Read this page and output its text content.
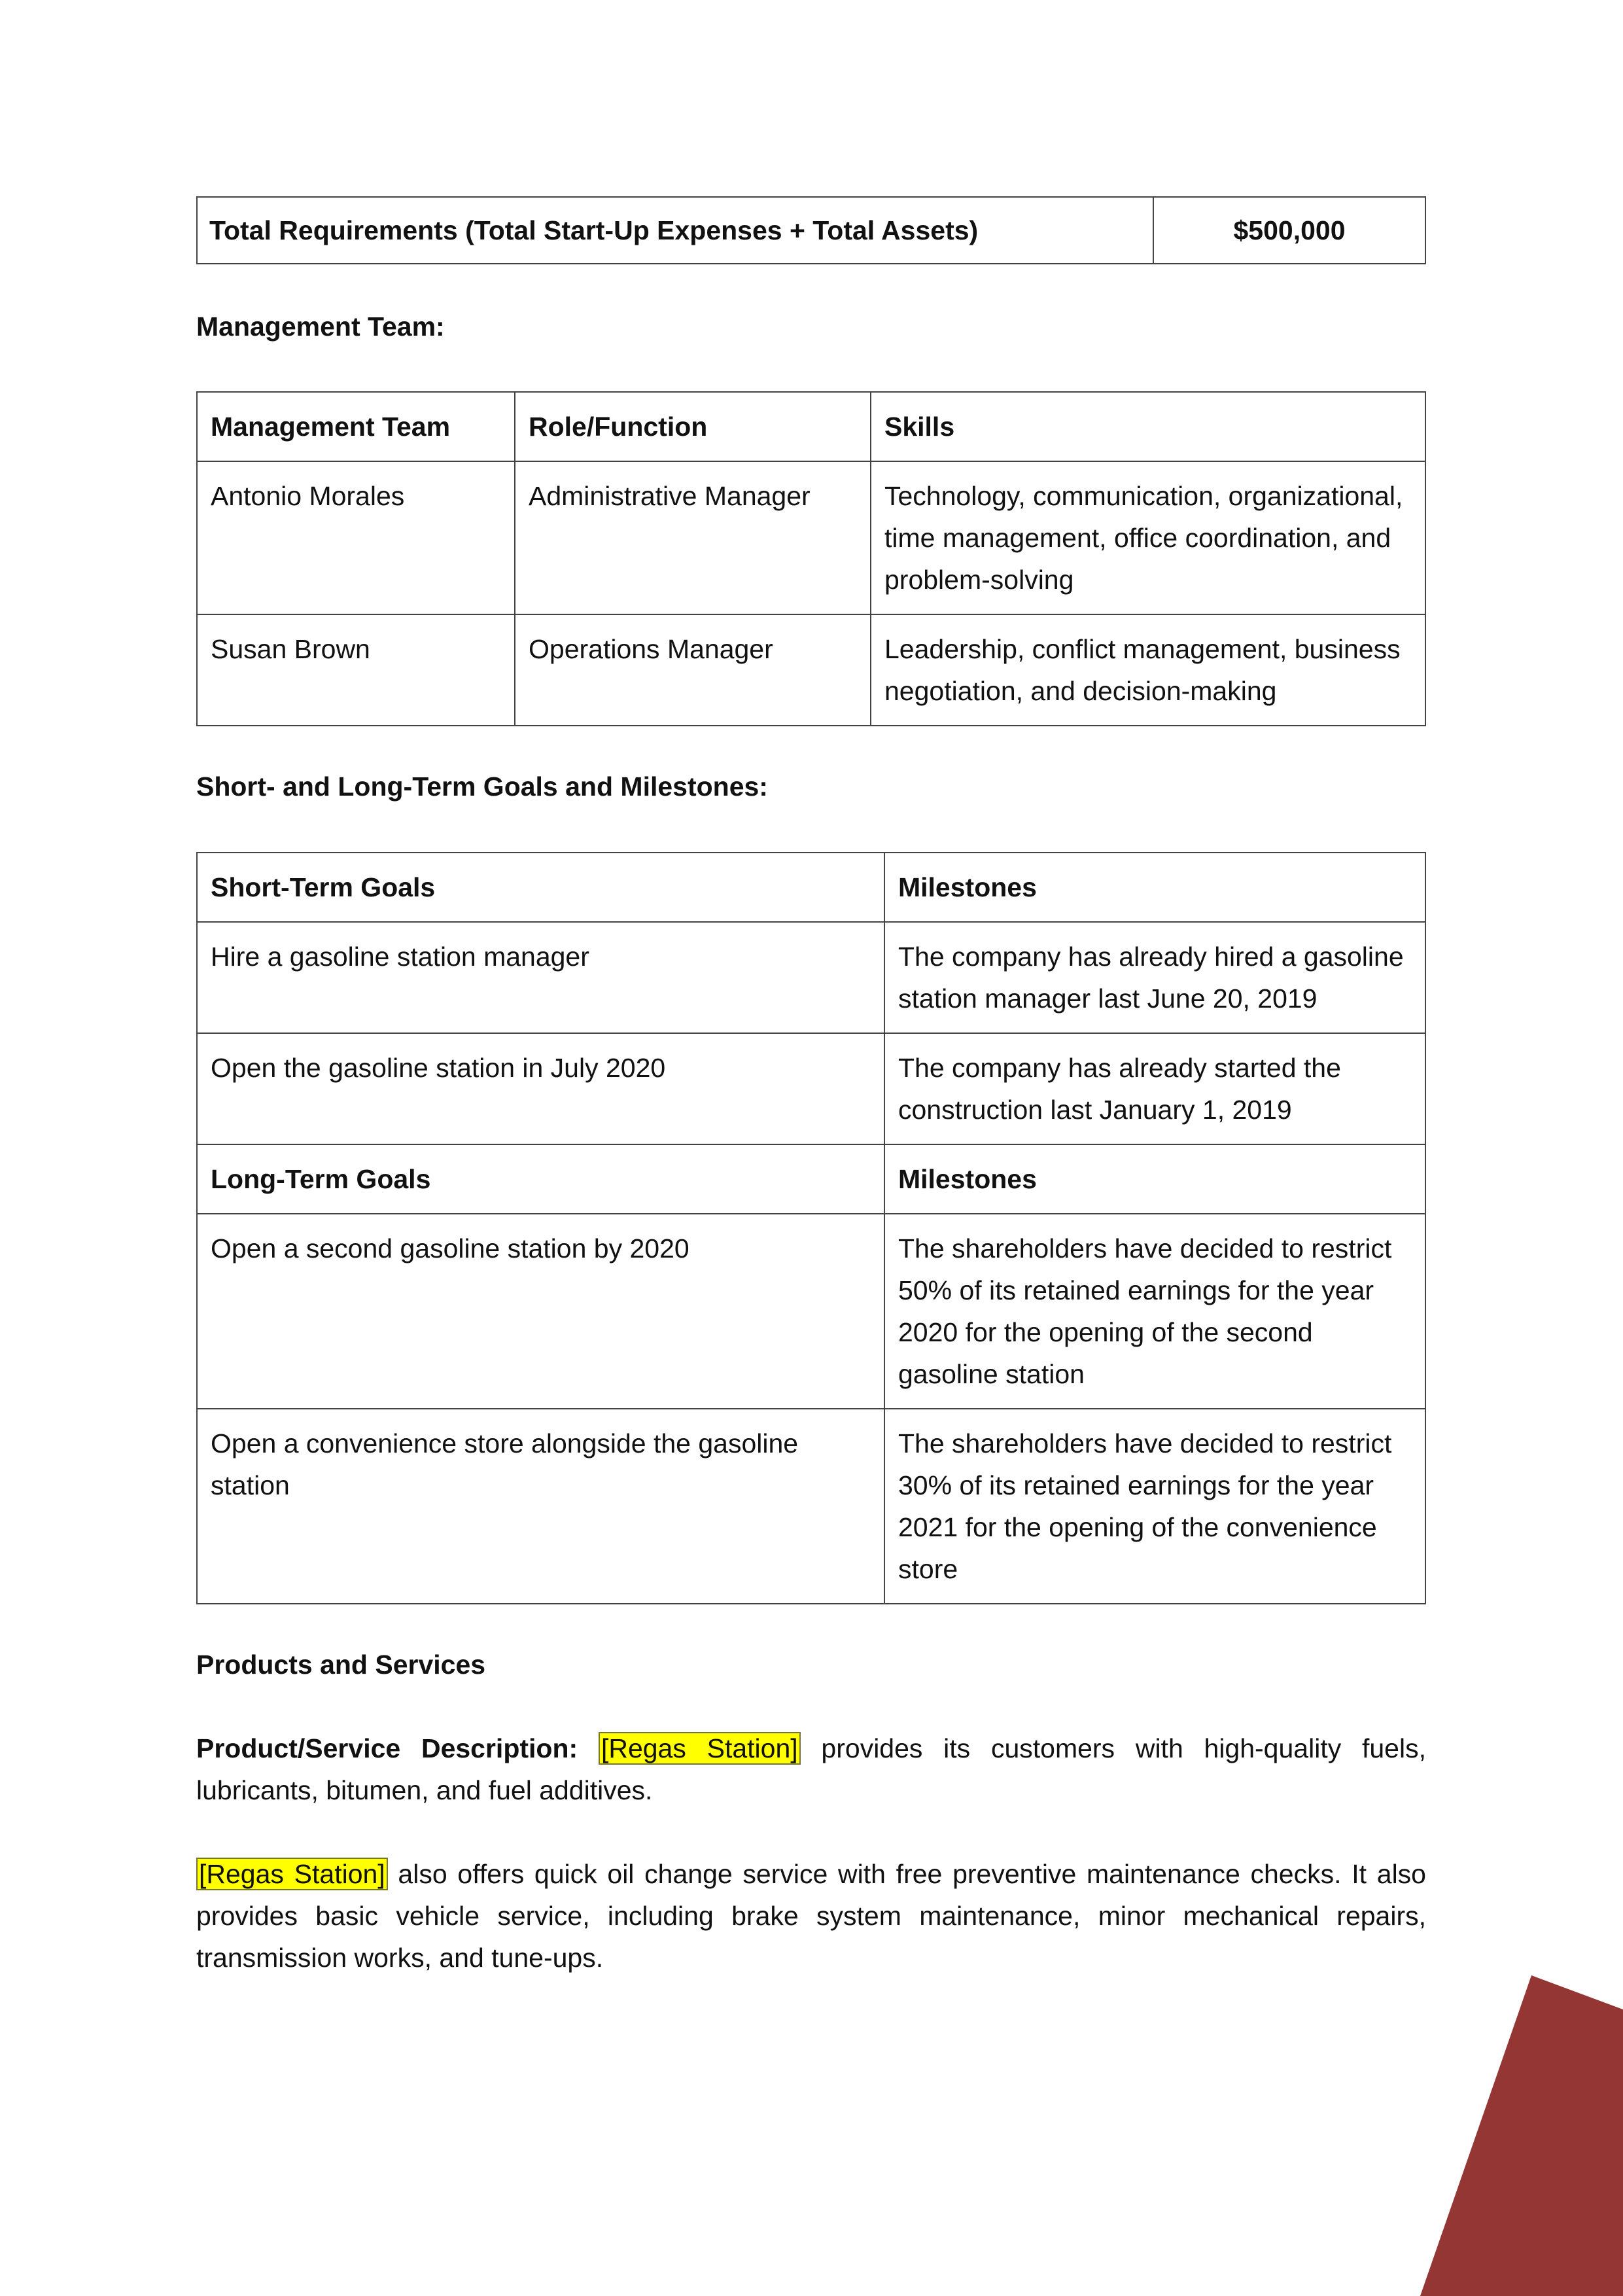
Total Requirements (Total Start-Up Expenses + Total Assets)	$500,000

Management Team:

Management Team	Role/Function	Skills
Antonio Morales	Administrative Manager	Technology, communication, organizational, time management, office coordination, and problem-solving
Susan Brown	Operations Manager	Leadership, conflict management, business negotiation, and decision-making

Short- and Long-Term Goals and Milestones:

Short-Term Goals	Milestones
Hire a gasoline station manager	The company has already hired a gasoline station manager last June 20, 2019
Open the gasoline station in July 2020	The company has already started the construction last January 1, 2019
Long-Term Goals	Milestones
Open a second gasoline station by 2020	The shareholders have decided to restrict 50% of its retained earnings for the year 2020 for the opening of the second gasoline station
Open a convenience store alongside the gasoline station	The shareholders have decided to restrict 30% of its retained earnings for the year 2021 for the opening of the convenience store

Products and Services

Product/Service Description: [Regas Station] provides its customers with high-quality fuels, lubricants, bitumen, and fuel additives.

[Regas Station] also offers quick oil change service with free preventive maintenance checks. It also provides basic vehicle service, including brake system maintenance, minor mechanical repairs, transmission works, and tune-ups.
